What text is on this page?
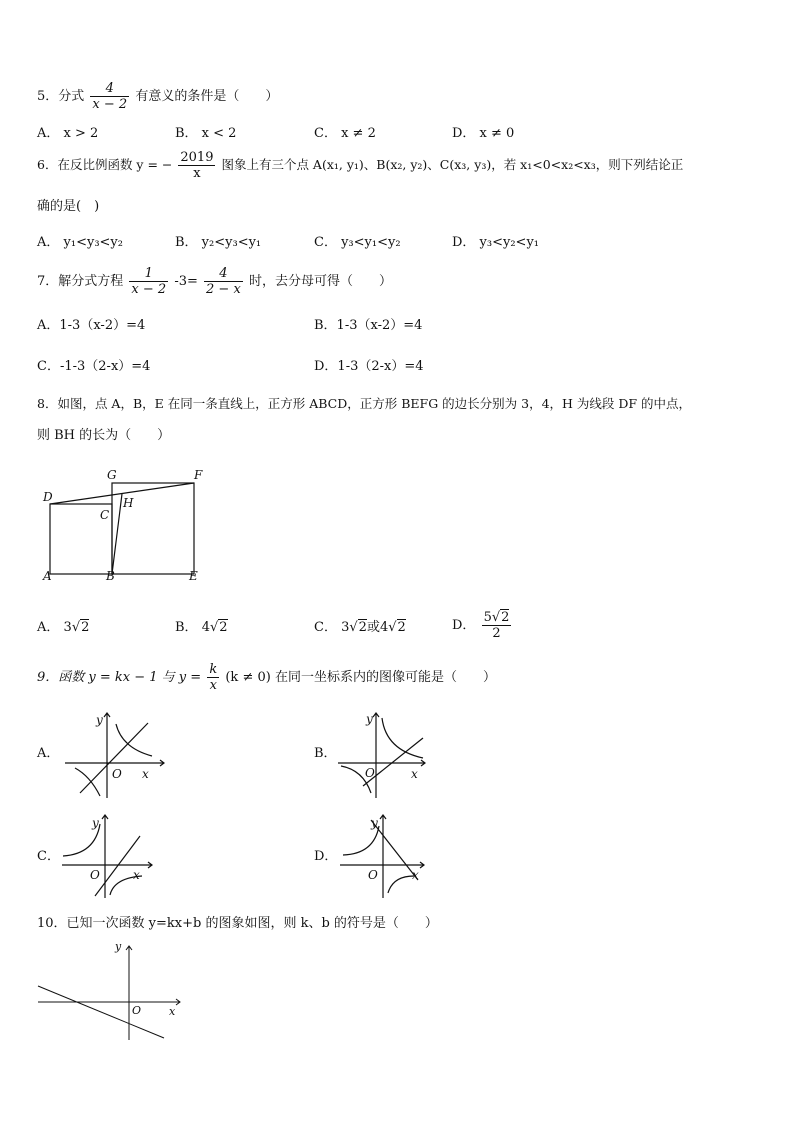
5．分式 $\frac{4}{x - 2}$ 有意义的条件是（　　）
A． x > 2	B． x < 2	C． x ≠ 2	D． x ≠ 0
6．在反比例函数 y = − $\frac{2019}{x}$ 图象上有三个点 A(x₁, y₁)、B(x₂, y₂)、C(x₃, y₃)，若 x₁<0<x₂<x₃，则下列结论正
确的是(　)
A． y₁<y₃<y₂	B． y₂<y₃<y₁	C． y₃<y₁<y₂	D． y₃<y₂<y₁
7．解分式方程 $\frac{1}{x - 2} -3= \frac{4}{2 - x}$ 时，去分母可得（　　）
A．1-3（x-2）=4	B．1-3（x-2）=4
C．-1-3（2-x）=4	D．1-3（2-x）=4
8．如图，点 A，B，E 在同一条直线上，正方形 ABCD，正方形 BEFG 的边长分别为 3，4，H 为线段 DF 的中点，
则 BH 的长为（　　）
G	F
D	H
C
A	B	E
A． 3√2	B． 4√2	C． 3√2或4√2	D． $\frac{5√2}{2}$
9．函数 y = kx − 1 与 $y = \frac{k}{x} (k \ne 0)$ 在同一坐标系内的图像可能是（　　）
A．
y
x
O
B．
y
x
O
C．
y
x
O
D．
y
x
O
10．已知一次函数 y=kx+b 的图象如图，则 k、b 的符号是（　　）
y
x
O
